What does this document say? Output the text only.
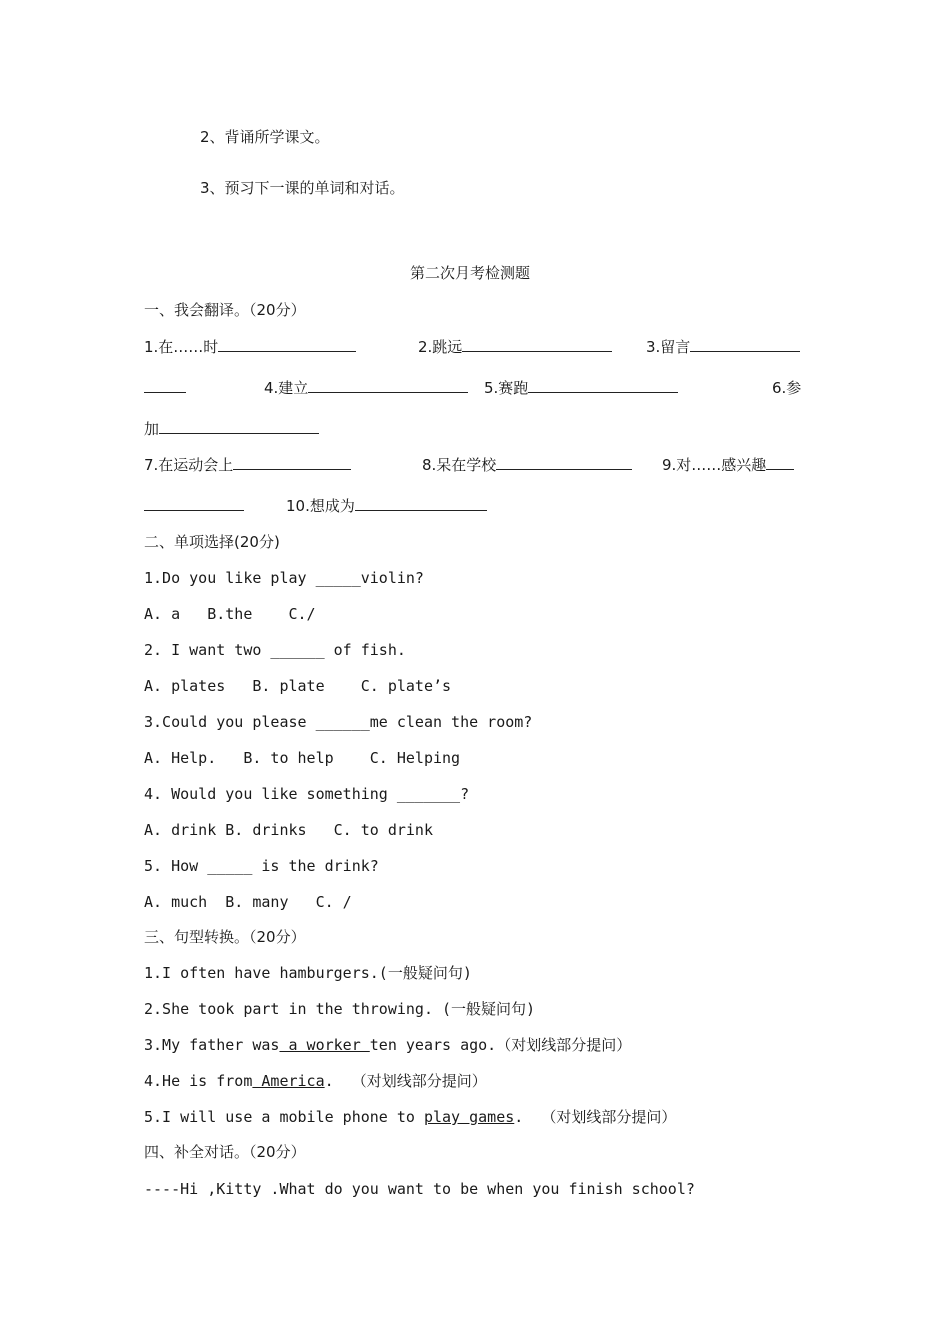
2、背诵所学课文。
3、预习下一课的单词和对话。
第二次月考检测题
一、我会翻译。（20分）
1.在……时	2.跳远	3.留言
4.建立	5.赛跑	6.参
加
7.在运动会上	8.呆在学校	9.对……感兴趣
10.想成为
二、单项选择(20分)
1.Do you like play _____violin?
A. a   B.the    C./
2. I want two ______ of fish.
A. plates   B. plate    C. plate’s
3.Could you please ______me clean the room?
A. Help.   B. to help    C. Helping
4. Would you like something _______?
A. drink B. drinks   C. to drink
5. How _____ is the drink?
A. much  B. many   C. /
三、句型转换。（20分）
1.I often have hamburgers.(一般疑问句)
2.She took part in the throwing. (一般疑问句)
3.My father was a worker ten years ago.（对划线部分提问）
4.He is from America.  （对划线部分提问）
5.I will use a mobile phone to play games.  （对划线部分提问）
四、补全对话。（20分）
----Hi ,Kitty .What do you want to be when you finish school?
